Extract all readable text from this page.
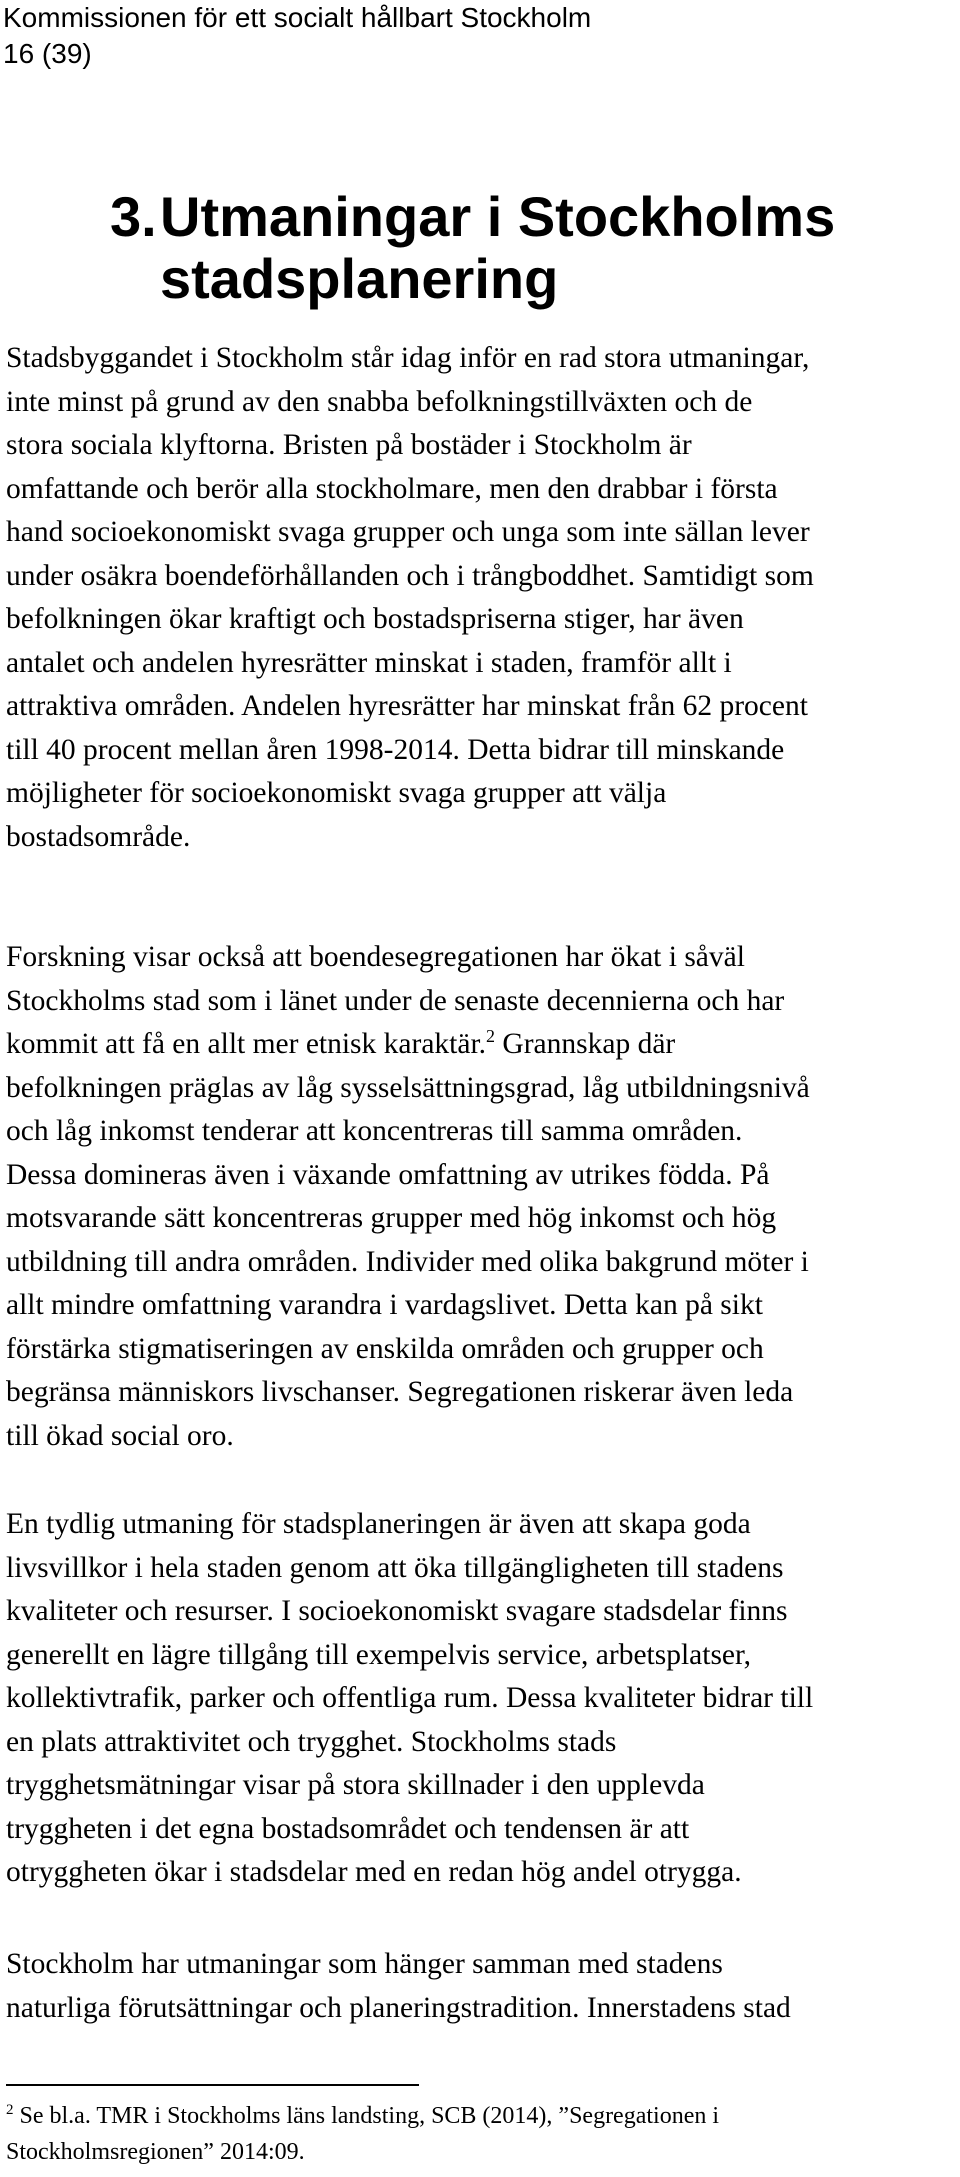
Kommissionen för ett socialt hållbart Stockholm
16 (39)
3. Utmaningar i Stockholms stadsplanering

Stadsbyggandet i Stockholm står idag inför en rad stora utmaningar,
inte minst på grund av den snabba befolkningstillväxten och de
stora sociala klyftorna. Bristen på bostäder i Stockholm är
omfattande och berör alla stockholmare, men den drabbar i första
hand socioekonomiskt svaga grupper och unga som inte sällan lever
under osäkra boendeförhållanden och i trångboddhet. Samtidigt som
befolkningen ökar kraftigt och bostadspriserna stiger, har även
antalet och andelen hyresrätter minskat i staden, framför allt i
attraktiva områden. Andelen hyresrätter har minskat från 62 procent
till 40 procent mellan åren 1998-2014. Detta bidrar till minskande
möjligheter för socioekonomiskt svaga grupper att välja
bostadsområde.

Forskning visar också att boendesegregationen har ökat i såväl
Stockholms stad som i länet under de senaste decennierna och har
kommit att få en allt mer etnisk karaktär.$^2$ Grannskap där
befolkningen präglas av låg sysselsättningsgrad, låg utbildningsnivå
och låg inkomst tenderar att koncentreras till samma områden.
Dessa domineras även i växande omfattning av utrikes födda. På
motsvarande sätt koncentreras grupper med hög inkomst och hög
utbildning till andra områden. Individer med olika bakgrund möter i
allt mindre omfattning varandra i vardagslivet. Detta kan på sikt
förstärka stigmatiseringen av enskilda områden och grupper och
begränsa människors livschanser. Segregationen riskerar även leda
till ökad social oro.

En tydlig utmaning för stadsplaneringen är även att skapa goda
livsvillkor i hela staden genom att öka tillgängligheten till stadens
kvaliteter och resurser. I socioekonomiskt svagare stadsdelar finns
generellt en lägre tillgång till exempelvis service, arbetsplatser,
kollektivtrafik, parker och offentliga rum. Dessa kvaliteter bidrar till
en plats attraktivitet och trygghet. Stockholms stads
trygghetsmätningar visar på stora skillnader i den upplevda
tryggheten i det egna bostadsområdet och tendensen är att
otryggheten ökar i stadsdelar med en redan hög andel otrygga.

Stockholm har utmaningar som hänger samman med stadens
naturliga förutsättningar och planeringstradition. Innerstadens stad

$^2$ Se bl.a. TMR i Stockholms läns landsting, SCB (2014), ”Segregationen i
Stockholmsregionen” 2014:09.
